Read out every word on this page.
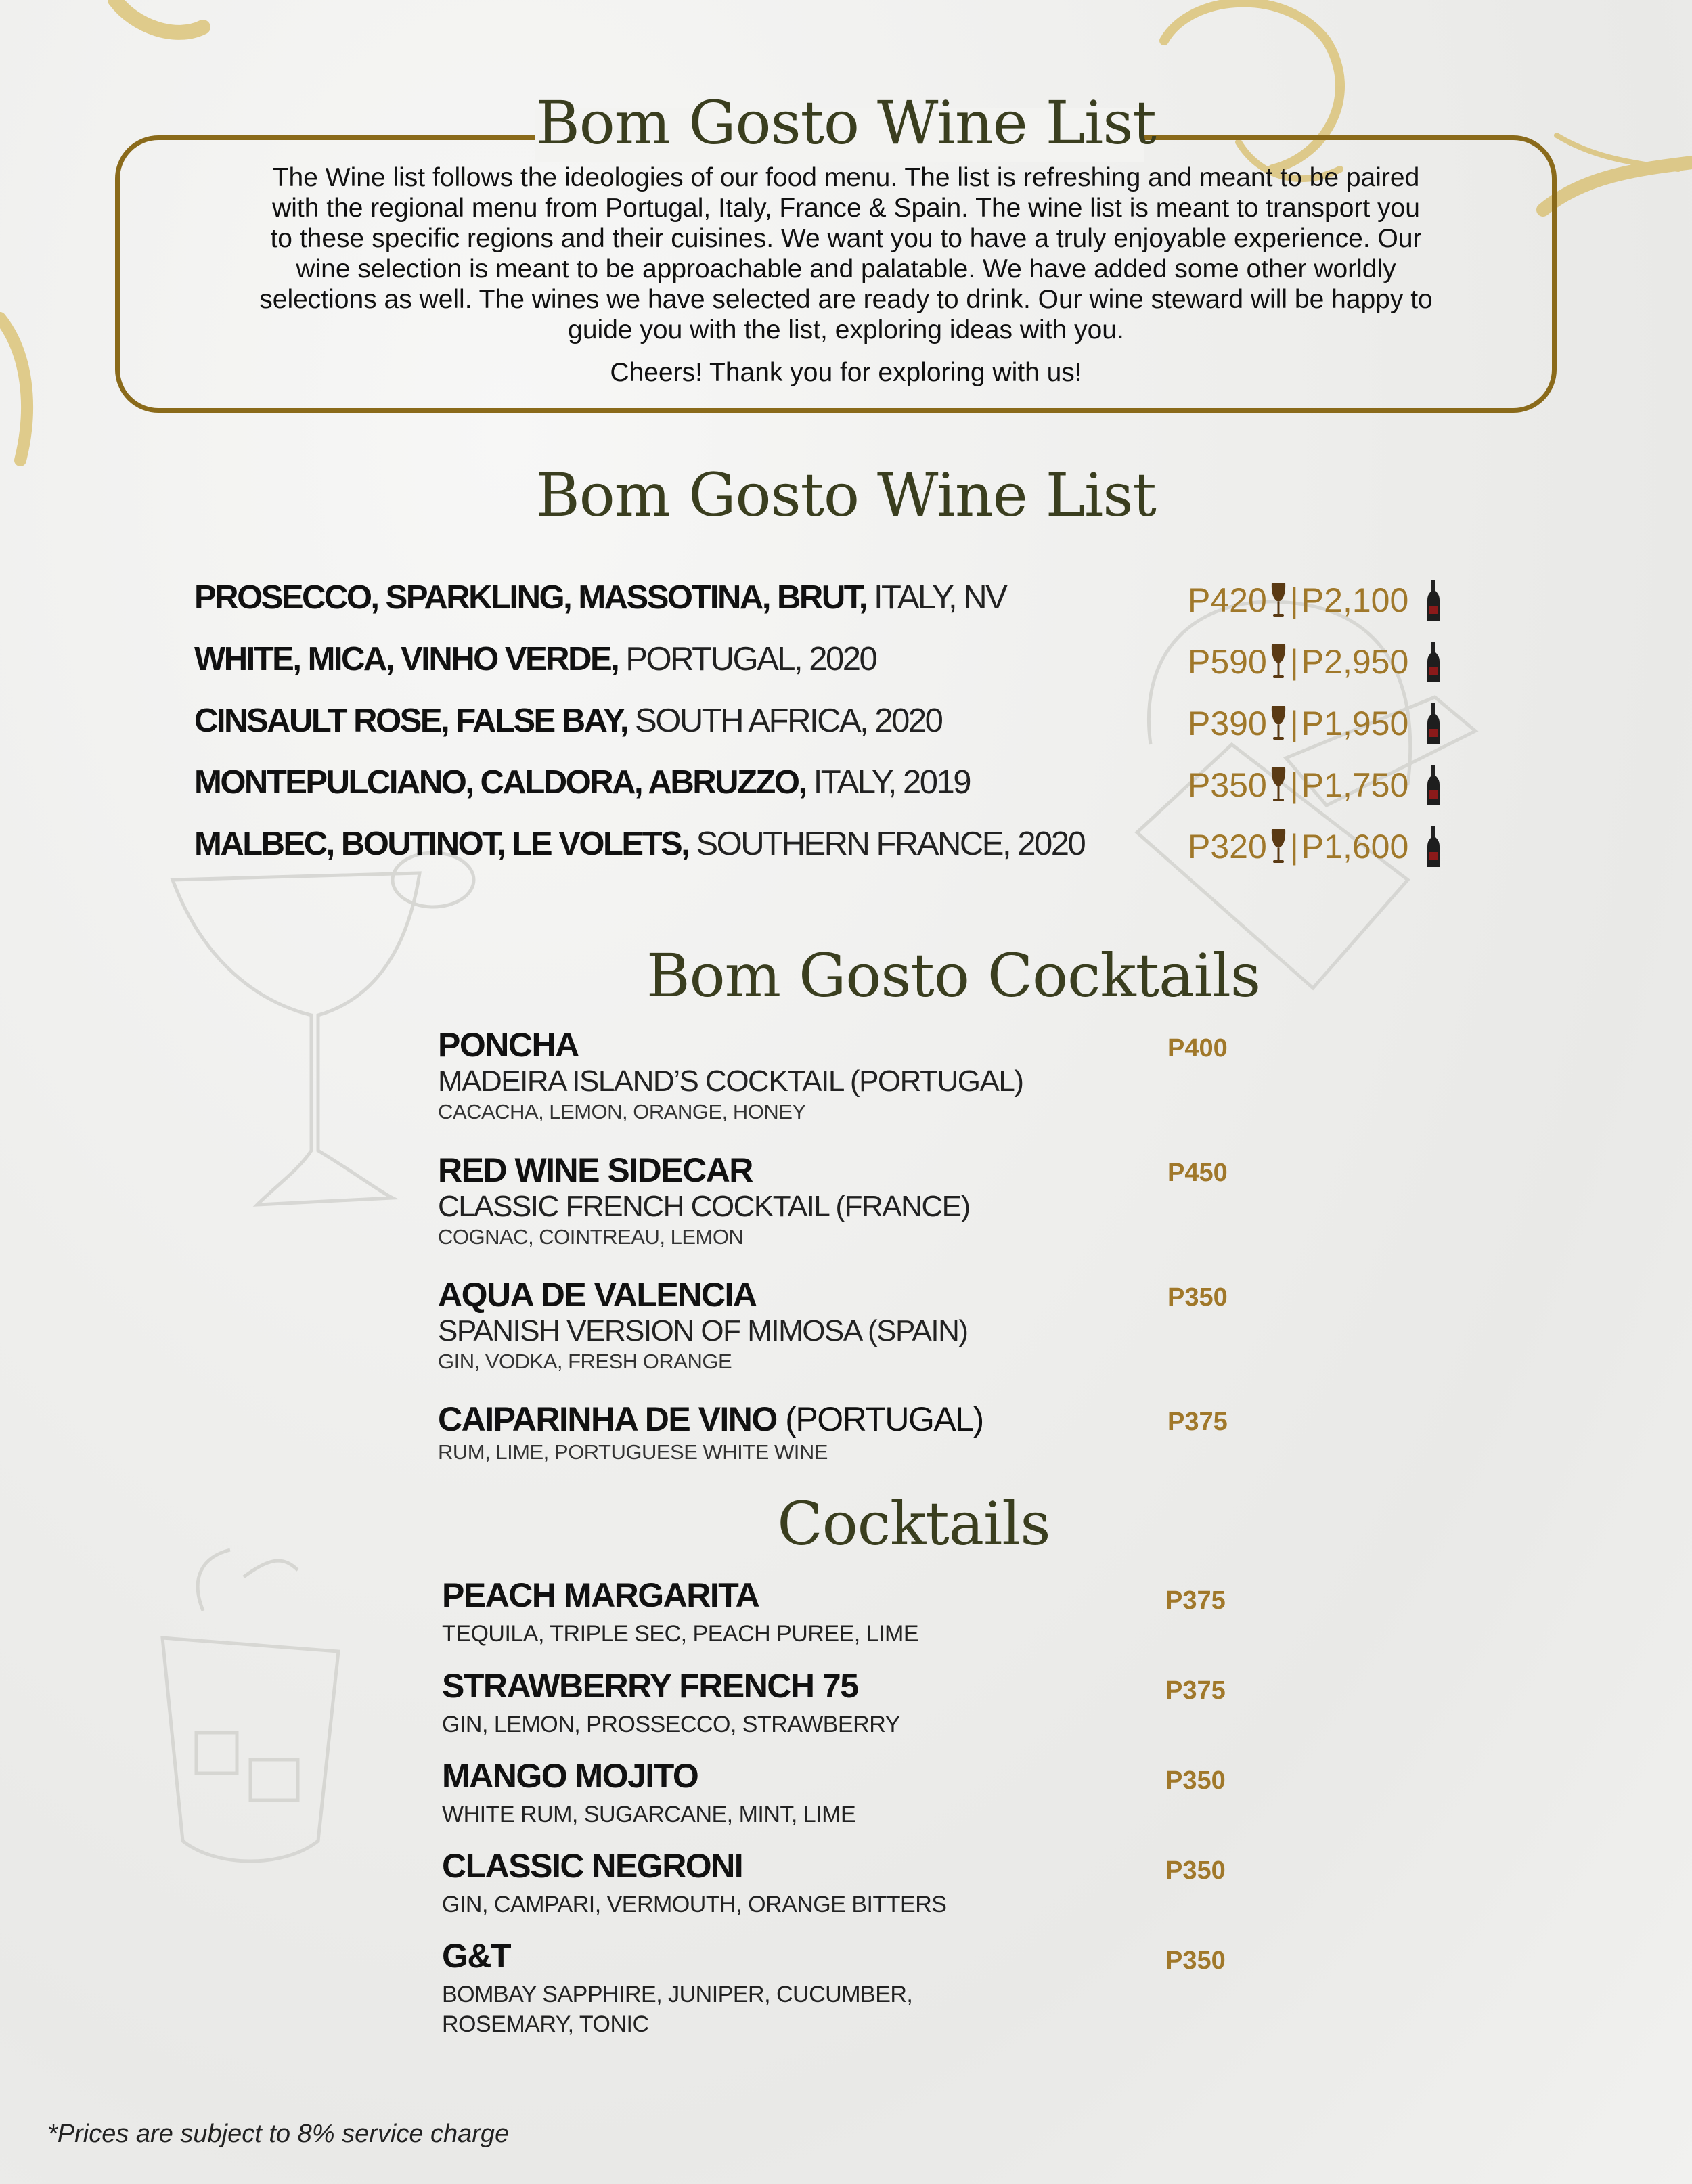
Bom Gosto Wine List

The Wine list follows the ideologies of our food menu. The list is refreshing and meant to be paired

with the regional menu from Portugal, Italy, France & Spain. The wine list is meant to transport you

to these specific regions and their cuisines. We want you to have a truly enjoyable experience. Our

wine selection is meant to be approachable and palatable. We have added some other worldly

selections as well. The wines we have selected are ready to drink. Our wine steward will be happy to

guide you with the list, exploring ideas with you.

Cheers! Thank you for exploring with us!

Bom Gosto Wine List
PROSECCO, SPARKLING, MASSOTINA, BRUT, ITALY, NV	P420 | P2,100
WHITE, MICA, VINHO VERDE, PORTUGAL, 2020	P590 | P2,950
CINSAULT ROSE, FALSE BAY, SOUTH AFRICA, 2020	P390 | P1,950
MONTEPULCIANO, CALDORA, ABRUZZO, ITALY, 2019	P350 | P1,750
MALBEC, BOUTINOT, LE VOLETS, SOUTHERN FRANCE, 2020	P320 | P1,600
Bom Gosto Cocktails
PONCHA
MADEIRA ISLAND’S COCKTAIL (PORTUGAL)
CACACHA, LEMON, ORANGE, HONEY
P400
RED WINE SIDECAR
CLASSIC FRENCH COCKTAIL (FRANCE)
COGNAC, COINTREAU, LEMON
P450
AQUA DE VALENCIA
SPANISH VERSION OF MIMOSA (SPAIN)
GIN, VODKA, FRESH ORANGE
P350
CAIPARINHA DE VINO (PORTUGAL)
RUM, LIME, PORTUGUESE WHITE WINE
P375
Cocktails
PEACH MARGARITA
TEQUILA, TRIPLE SEC, PEACH PUREE, LIME
P375
STRAWBERRY FRENCH 75
GIN, LEMON, PROSSECCO, STRAWBERRY
P375
MANGO MOJITO
WHITE RUM, SUGARCANE, MINT, LIME
P350
CLASSIC NEGRONI
GIN, CAMPARI, VERMOUTH, ORANGE BITTERS
P350
G&T
BOMBAY SAPPHIRE, JUNIPER, CUCUMBER,
ROSEMARY, TONIC
P350
*Prices are subject to 8% service charge
